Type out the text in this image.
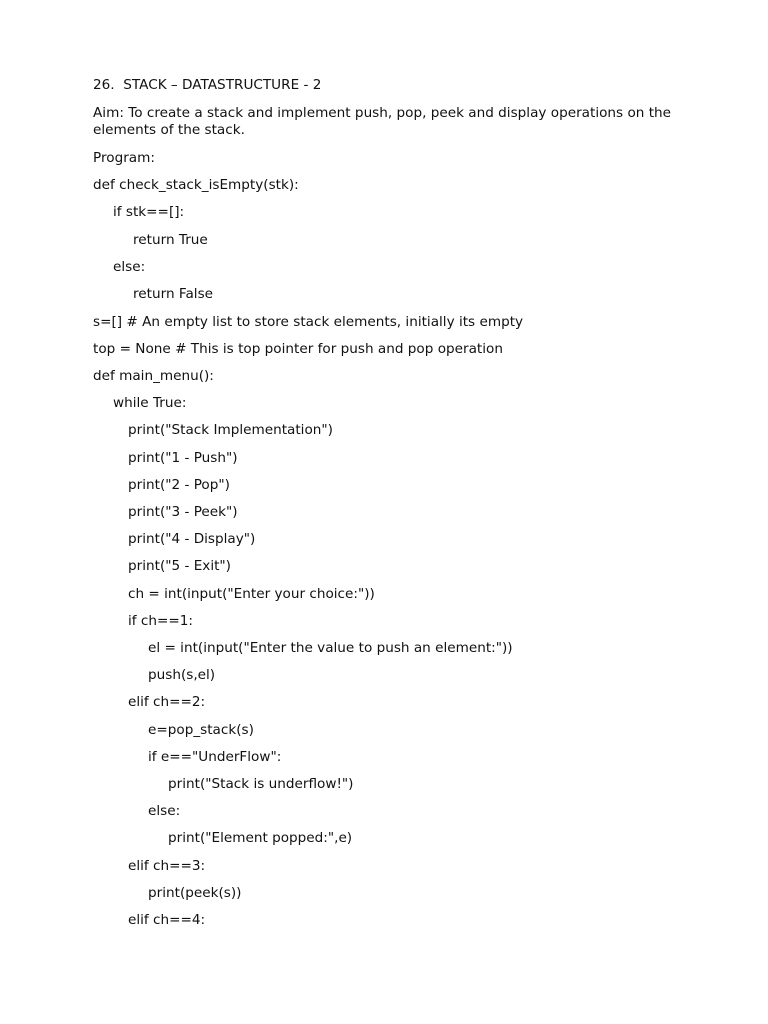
26.  STACK – DATASTRUCTURE - 2
Aim: To create a stack and implement push, pop, peek and display operations on the elements of the stack.
Program:
def check_stack_isEmpty(stk):
if stk==[]:
return True
else:
return False
s=[] # An empty list to store stack elements, initially its empty
top = None # This is top pointer for push and pop operation
def main_menu():
while True:
print("Stack Implementation")
print("1 - Push")
print("2 - Pop")
print("3 - Peek")
print("4 - Display")
print("5 - Exit")
ch = int(input("Enter your choice:"))
if ch==1:
el = int(input("Enter the value to push an element:"))
push(s,el)
elif ch==2:
e=pop_stack(s)
if e=="UnderFlow":
print("Stack is underflow!")
else:
print("Element popped:",e)
elif ch==3:
print(peek(s))
elif ch==4:
